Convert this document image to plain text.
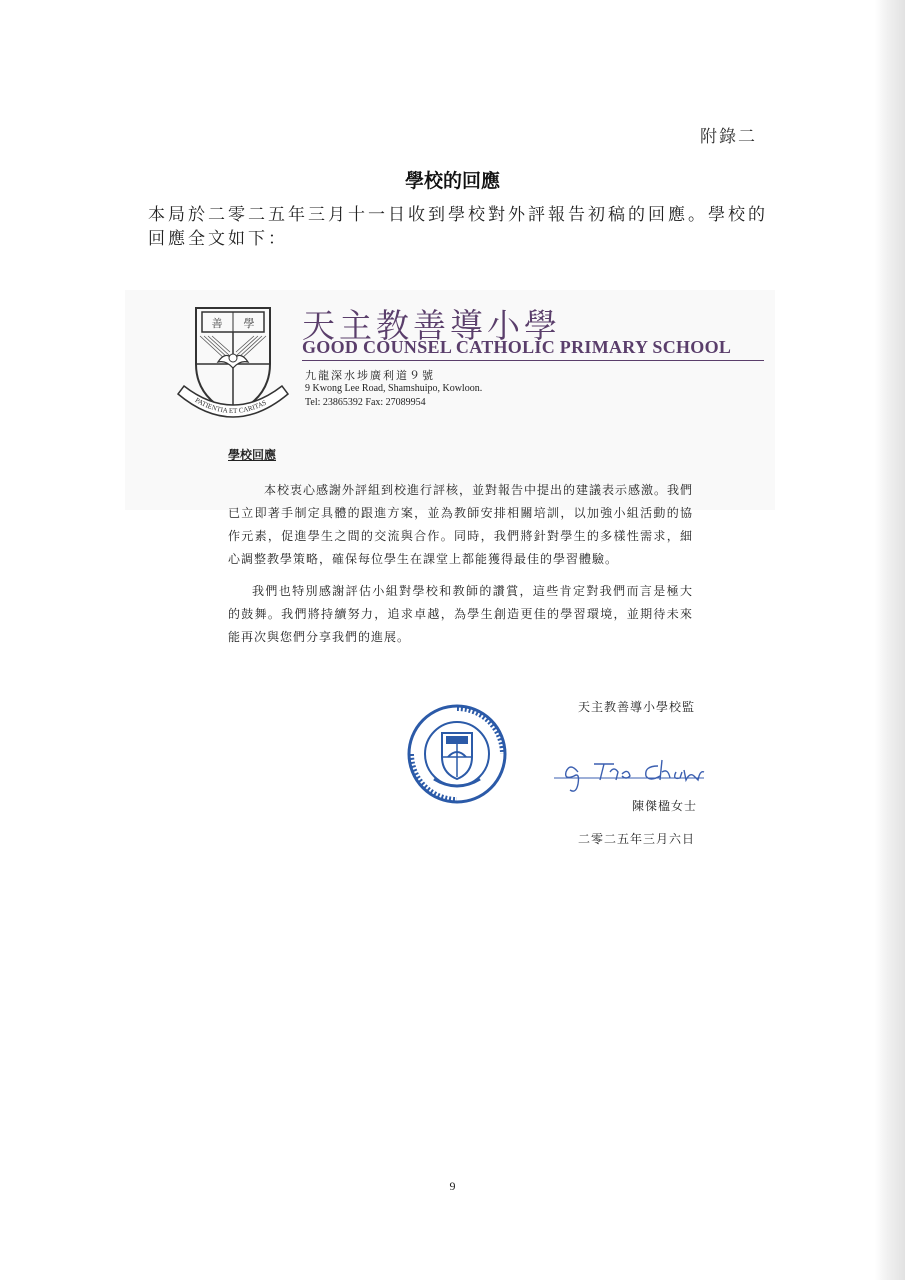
附錄二
學校的回應
本局於二零二五年三月十一日收到學校對外評報告初稿的回應。學校的回應全文如下：
善 學
PATIENTIA ET CARITAS
天主教善導小學
GOOD COUNSEL CATHOLIC PRIMARY SCHOOL
九龍深水埗廣利道９號
9 Kwong Lee Road, Shamshuipo, Kowloon.
Tel: 23865392 Fax: 27089954
學校回應
本校衷心感謝外評組到校進行評核，並對報告中提出的建議表示感激。我們已立即著手制定具體的跟進方案，並為教師安排相關培訓，以加強小組活動的協作元素，促進學生之間的交流與合作。同時，我們將針對學生的多樣性需求，細心調整教學策略，確保每位學生在課堂上都能獲得最佳的學習體驗。
我們也特別感謝評估小組對學校和教師的讚賞，這些肯定對我們而言是極大的鼓舞。我們將持續努力，追求卓越，為學生創造更佳的學習環境，並期待未來能再次與您們分享我們的進展。
天主教善導小學校監
陳傑楹女士
二零二五年三月六日
9
